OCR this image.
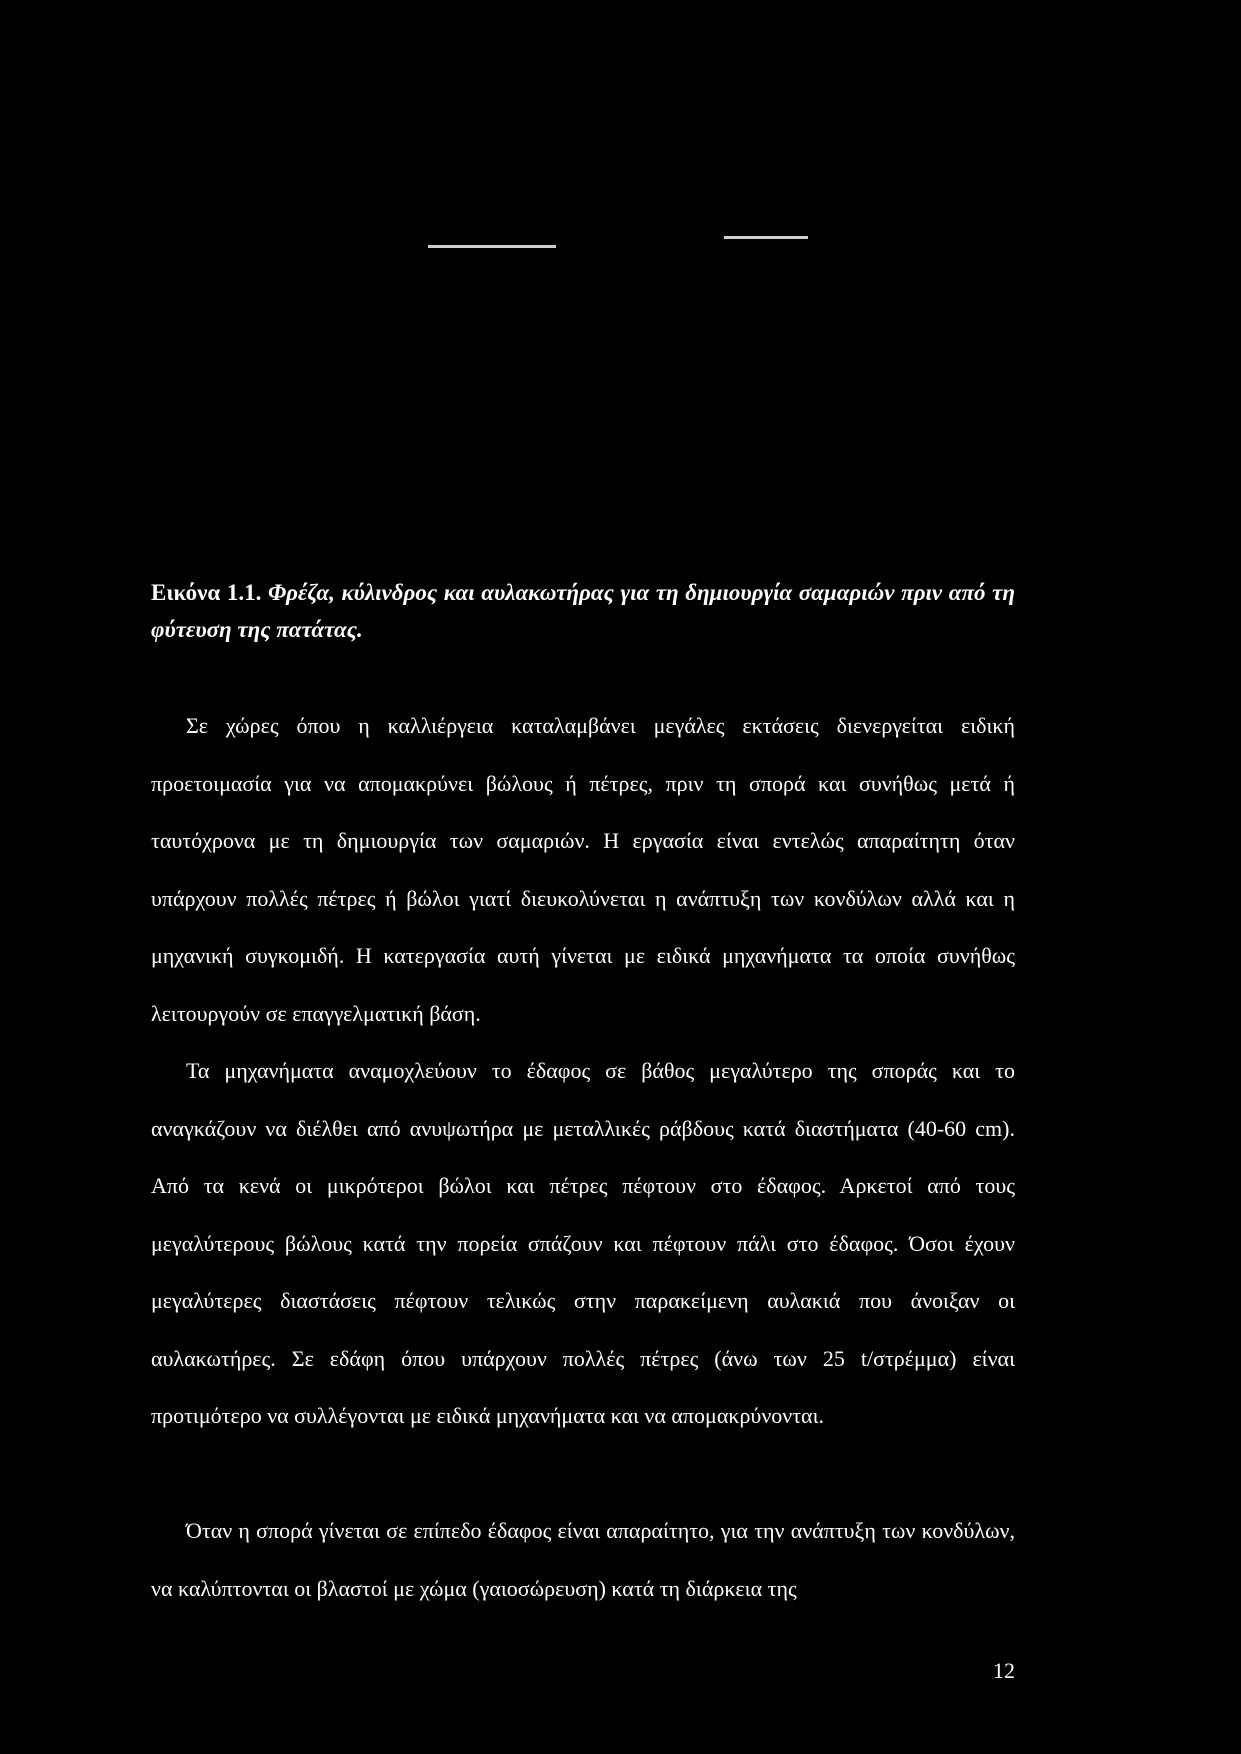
Εικόνα 1.1. Φρέζα, κύλινδρος και αυλακωτήρας για τη δημιουργία σαμαριών πριν από τη φύτευση της πατάτας.

Σε χώρες όπου η καλλιέργεια καταλαμβάνει μεγάλες εκτάσεις διενεργείται ειδική προετοιμασία για να απομακρύνει βώλους ή πέτρες, πριν τη σπορά και συνήθως μετά ή ταυτόχρονα με τη δημιουργία των σαμαριών. Η εργασία είναι εντελώς απαραίτητη όταν υπάρχουν πολλές πέτρες ή βώλοι γιατί διευκολύνεται η ανάπτυξη των κονδύλων αλλά και η μηχανική συγκομιδή. Η κατεργασία αυτή γίνεται με ειδικά μηχανήματα τα οποία συνήθως λειτουργούν σε επαγγελματική βάση.

Τα μηχανήματα αναμοχλεύουν το έδαφος σε βάθος μεγαλύτερο της σποράς και το αναγκάζουν να διέλθει από ανυψωτήρα με μεταλλικές ράβδους κατά διαστήματα (40-60 cm). Από τα κενά οι μικρότεροι βώλοι και πέτρες πέφτουν στο έδαφος. Αρκετοί από τους μεγαλύτερους βώλους κατά την πορεία σπάζουν και πέφτουν πάλι στο έδαφος. Όσοι έχουν μεγαλύτερες διαστάσεις πέφτουν τελικώς στην παρακείμενη αυλακιά που άνοιξαν οι αυλακωτήρες. Σε εδάφη όπου υπάρχουν πολλές πέτρες (άνω των 25 t/στρέμμα) είναι προτιμότερο να συλλέγονται με ειδικά μηχανήματα και να απομακρύνονται.

Όταν η σπορά γίνεται σε επίπεδο έδαφος είναι απαραίτητο, για την ανάπτυξη των κονδύλων, να καλύπτονται οι βλαστοί με χώμα (γαιοσώρευση) κατά τη διάρκεια της

12
